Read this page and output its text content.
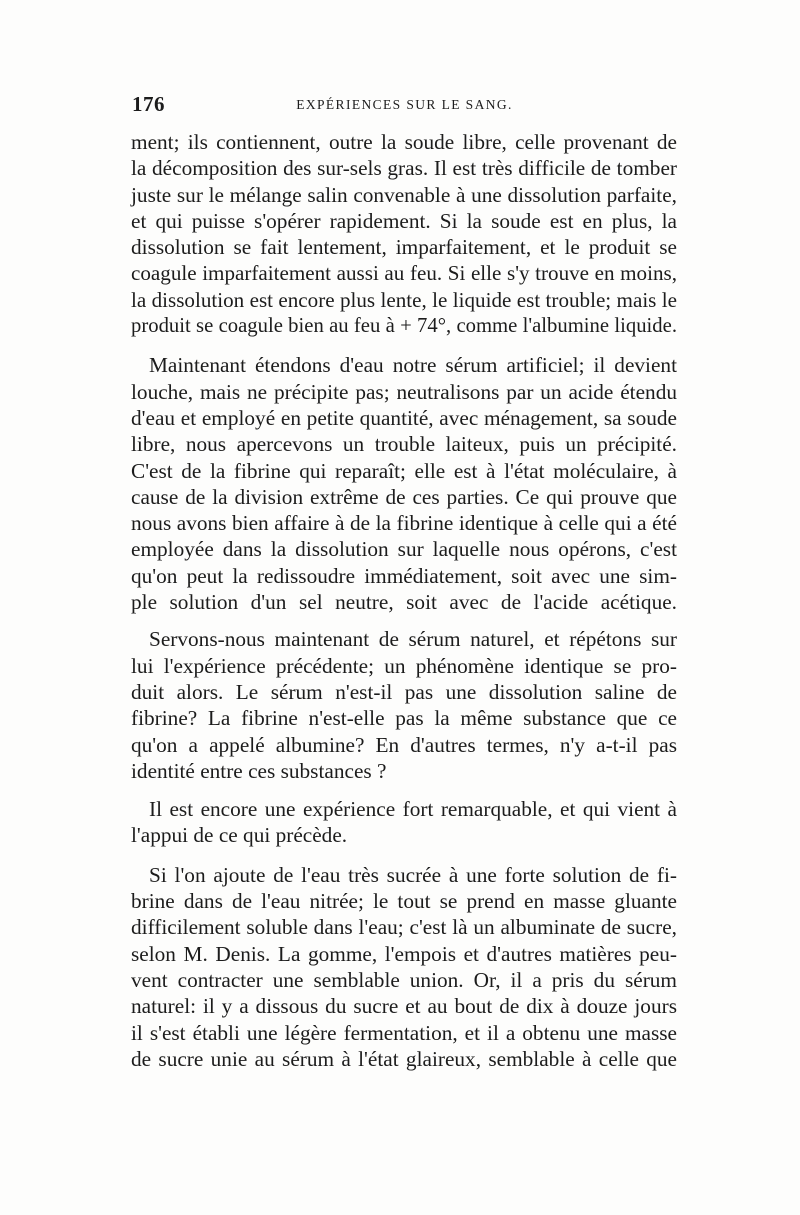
176	EXPÉRIENCES SUR LE SANG.
ment; ils contiennent, outre la soude libre, celle provenant de
la décomposition des sur-sels gras. Il est très difficile de tomber
juste sur le mélange salin convenable à une dissolution parfaite,
et qui puisse s'opérer rapidement. Si la soude est en plus, la
dissolution se fait lentement, imparfaitement, et le produit se
coagule imparfaitement aussi au feu. Si elle s'y trouve en moins,
la dissolution est encore plus lente, le liquide est trouble; mais le
produit se coagule bien au feu à + 74°, comme l'albumine liquide.
Maintenant étendons d'eau notre sérum artificiel; il devient
louche, mais ne précipite pas; neutralisons par un acide étendu
d'eau et employé en petite quantité, avec ménagement, sa soude
libre, nous apercevons un trouble laiteux, puis un précipité.
C'est de la fibrine qui reparaît; elle est à l'état moléculaire, à
cause de la division extrême de ces parties. Ce qui prouve que
nous avons bien affaire à de la fibrine identique à celle qui a été
employée dans la dissolution sur laquelle nous opérons, c'est
qu'on peut la redissoudre immédiatement, soit avec une sim-
ple solution d'un sel neutre, soit avec de l'acide acétique.
Servons-nous maintenant de sérum naturel, et répétons sur
lui l'expérience précédente; un phénomène identique se pro-
duit alors. Le sérum n'est-il pas une dissolution saline de
fibrine? La fibrine n'est-elle pas la même substance que ce
qu'on a appelé albumine? En d'autres termes, n'y a-t-il pas
identité entre ces substances ?
Il est encore une expérience fort remarquable, et qui vient à
l'appui de ce qui précède.
Si l'on ajoute de l'eau très sucrée à une forte solution de fi-
brine dans de l'eau nitrée; le tout se prend en masse gluante
difficilement soluble dans l'eau; c'est là un albuminate de sucre,
selon M. Denis. La gomme, l'empois et d'autres matières peu-
vent contracter une semblable union. Or, il a pris du sérum
naturel: il y a dissous du sucre et au bout de dix à douze jours
il s'est établi une légère fermentation, et il a obtenu une masse
de sucre unie au sérum à l'état glaireux, semblable à celle que
